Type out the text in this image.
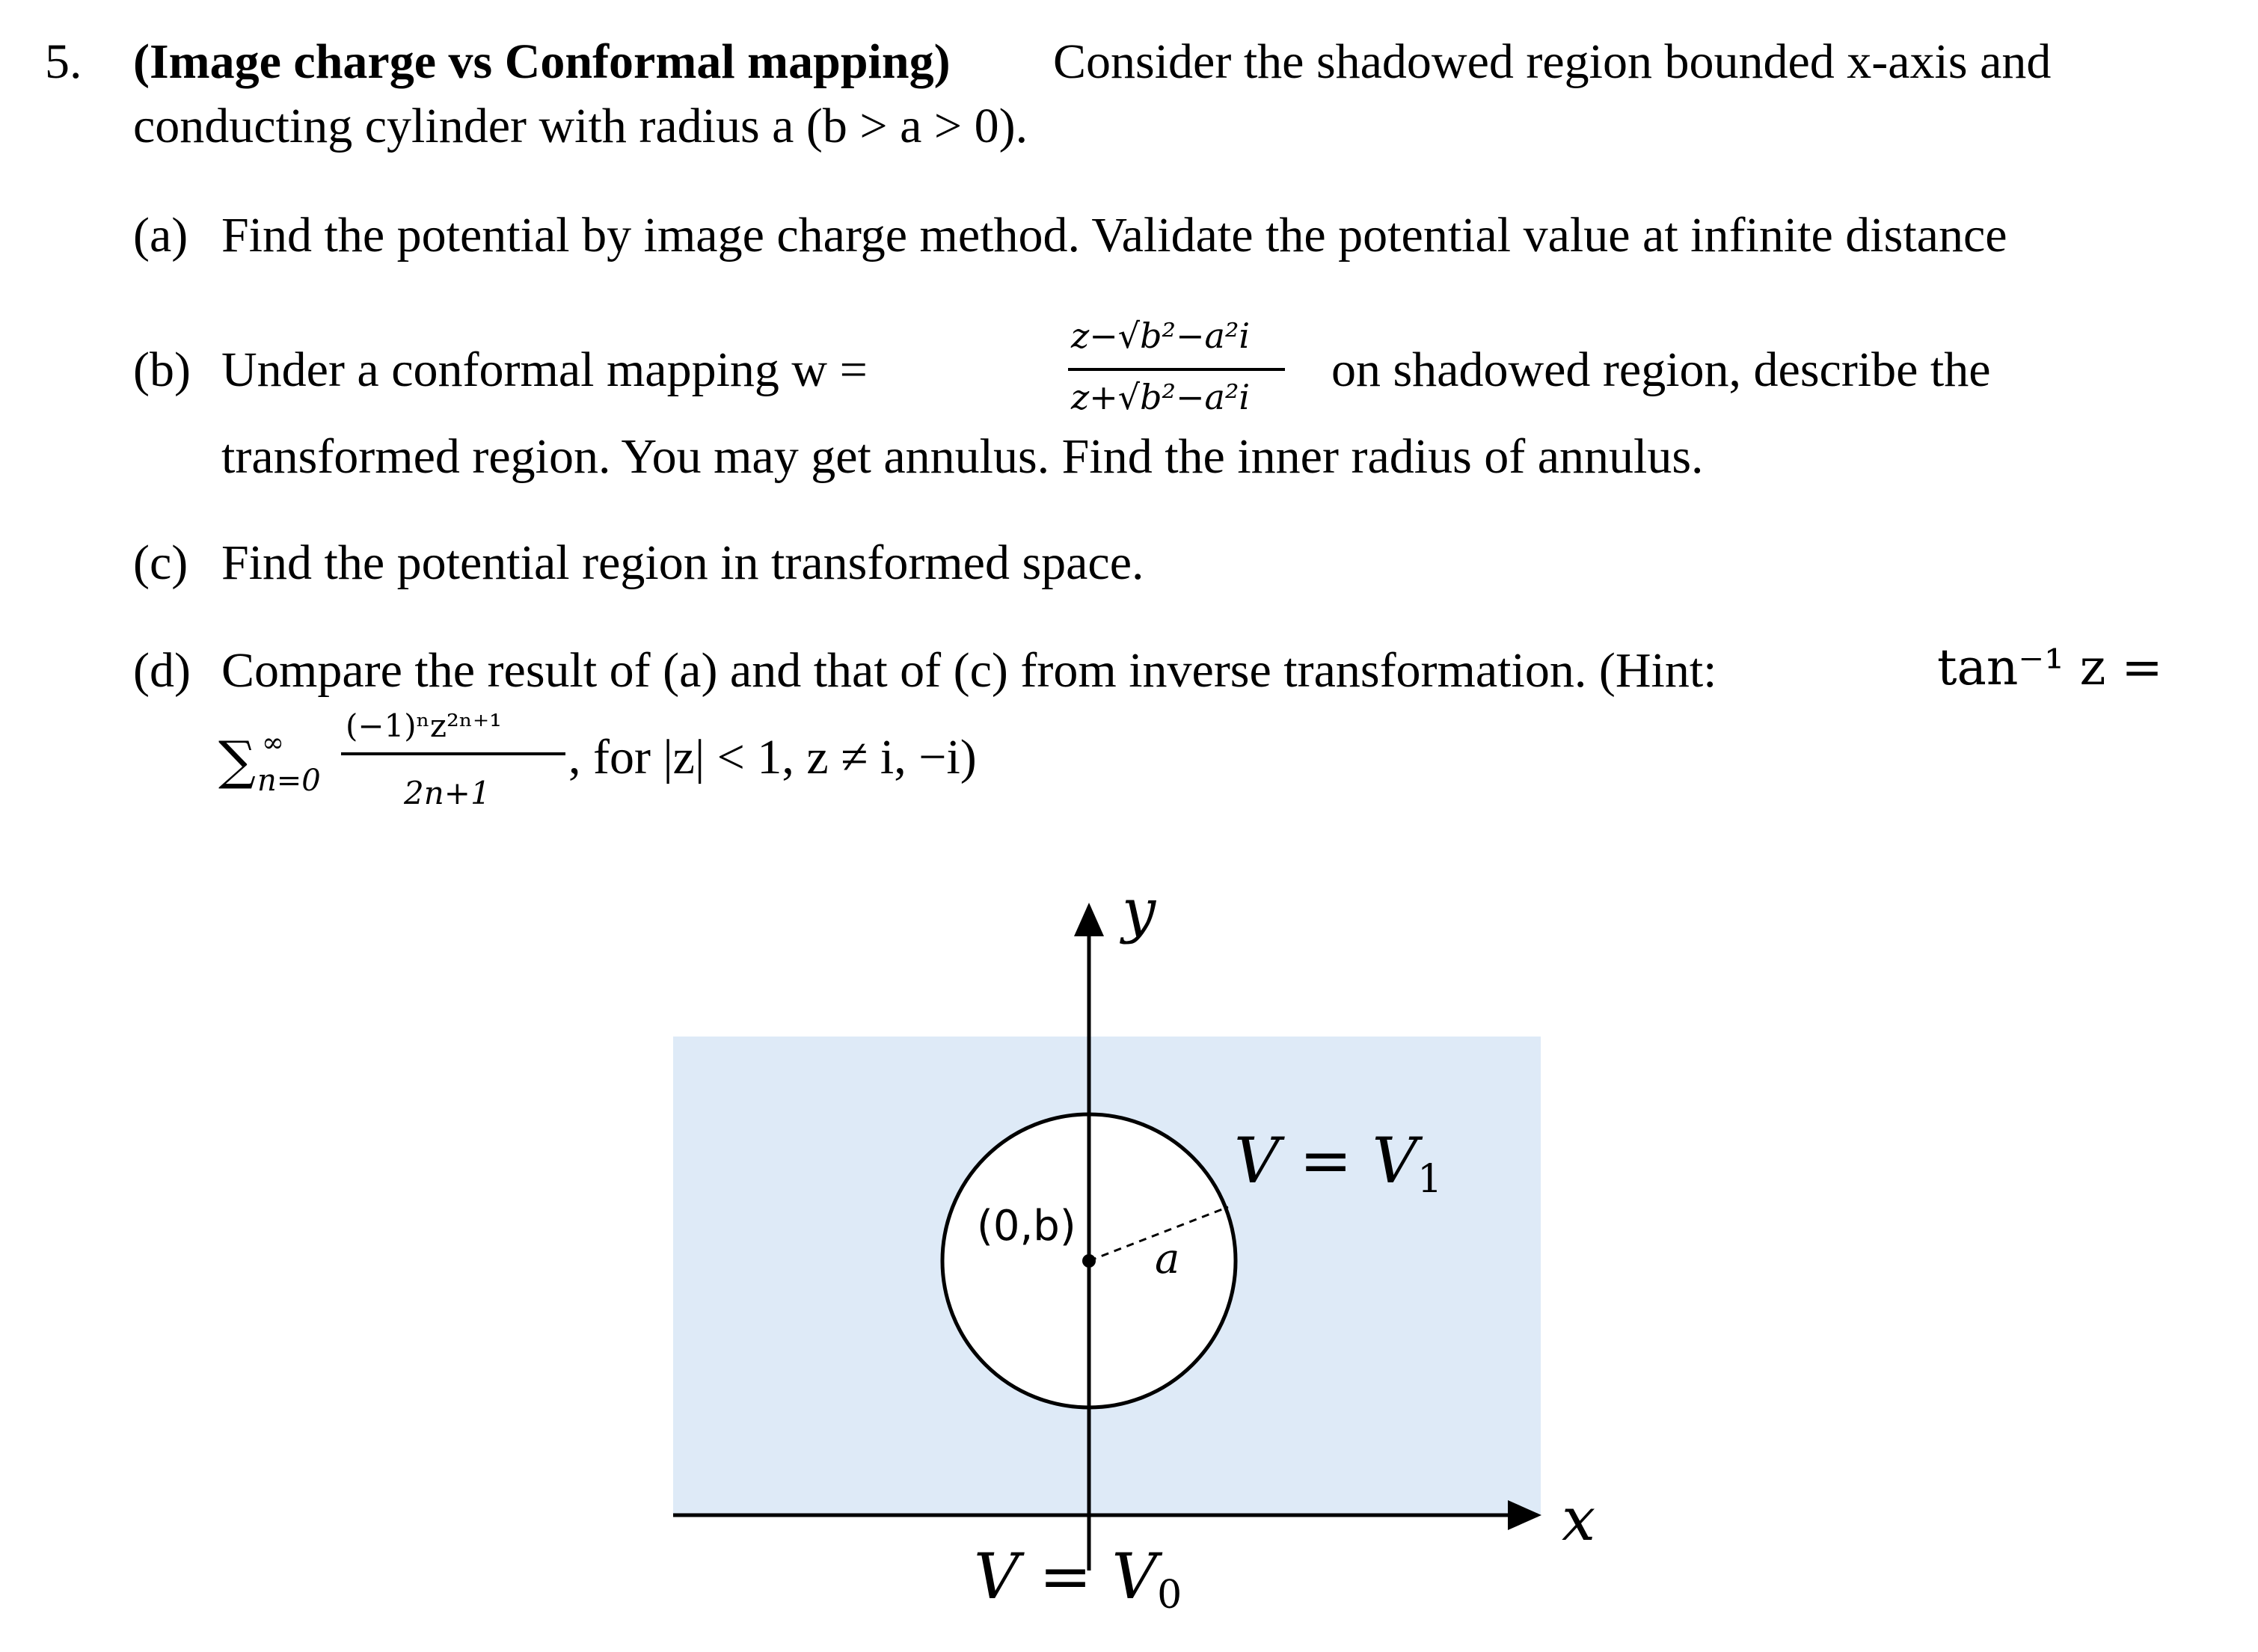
5. (Image charge vs Conformal mapping) Consider the shadowed region bounded x-axis and
conducting cylinder with radius a (b > a > 0).
(a) Find the potential by image charge method. Validate the potential value at infinite distance
(b) Under a conformal mapping w =
z−√b²−a²i
z+√b²−a²i on shadowed region, describe the
transformed region. You may get annulus. Find the inner radius of annulus.
(c) Find the potential region in transformed space.
(d) Compare the result of (a) and that of (c) from inverse transformation. (Hint:	tan⁻¹ z =
∑ ∞
n=0
(−1)ⁿz²ⁿ⁺¹
2n+1
, for |z| < 1, z ≠ i, −i)
y
x
(0,b)
a
$V = V_1$
$V = V_0$
